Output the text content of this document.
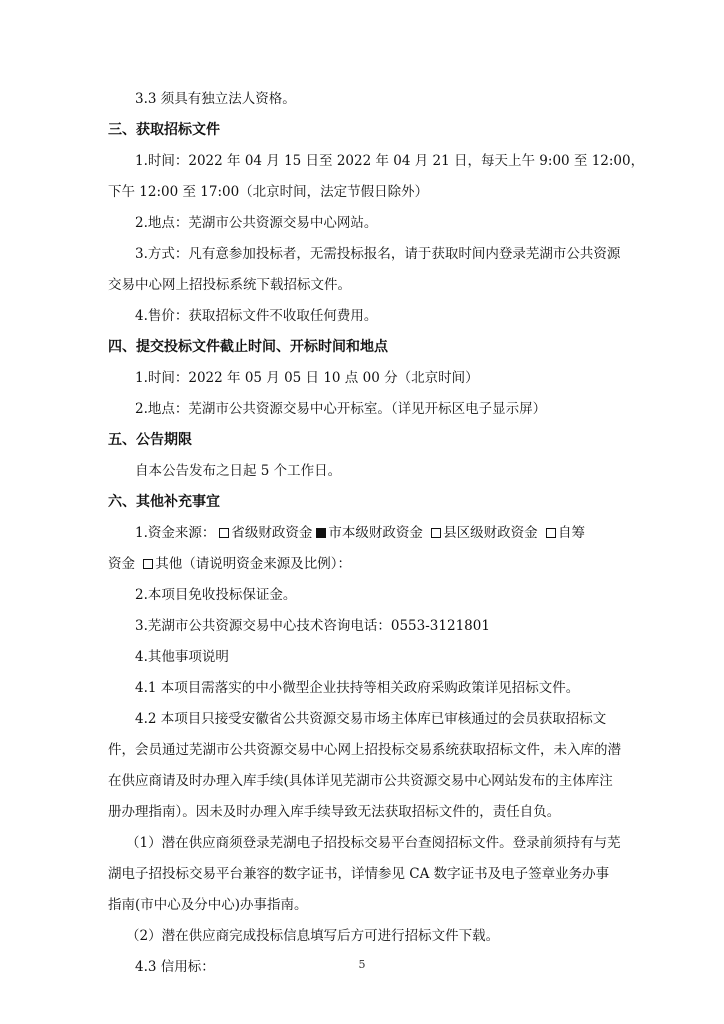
3.3 须具有独立法人资格。

三、获取招标文件

1.时间：2022 年 04 月 15 日至 2022 年 04 月 21 日，每天上午 9:00 至 12:00，

下午 12:00 至 17:00（北京时间，法定节假日除外）

2.地点：芜湖市公共资源交易中心网站。

3.方式：凡有意参加投标者，无需投标报名，请于获取时间内登录芜湖市公共资源交易中心网上招投标系统下载招标文件。

4.售价：获取招标文件不收取任何费用。

四、提交投标文件截止时间、开标时间和地点

1.时间：2022 年 05 月 05 日 10 点 00 分（北京时间）

2.地点：芜湖市公共资源交易中心开标室。（详见开标区电子显示屏）

五、公告期限

自本公告发布之日起 5 个工作日。

六、其他补充事宜

1.资金来源： 省级财政资金 市本级财政资金 县区级财政资金 自筹

资金 其他（请说明资金来源及比例）：

2.本项目免收投标保证金。

3.芜湖市公共资源交易中心技术咨询电话：0553-3121801

4.其他事项说明

4.1 本项目需落实的中小微型企业扶持等相关政府采购政策详见招标文件。

4.2 本项目只接受安徽省公共资源交易市场主体库已审核通过的会员获取招标文件，会员通过芜湖市公共资源交易中心网上招投标交易系统获取招标文件，未入库的潜在供应商请及时办理入库手续(具体详见芜湖市公共资源交易中心网站发布的主体库注册办理指南）。因未及时办理入库手续导致无法获取招标文件的，责任自负。

（1）潜在供应商须登录芜湖电子招投标交易平台查阅招标文件。登录前须持有与芜湖电子招投标交易平台兼容的数字证书，详情参见 CA 数字证书及电子签章业务办事指南(市中心及分中心)办事指南。

（2）潜在供应商完成投标信息填写后方可进行招标文件下载。

4.3 信用标：	5
